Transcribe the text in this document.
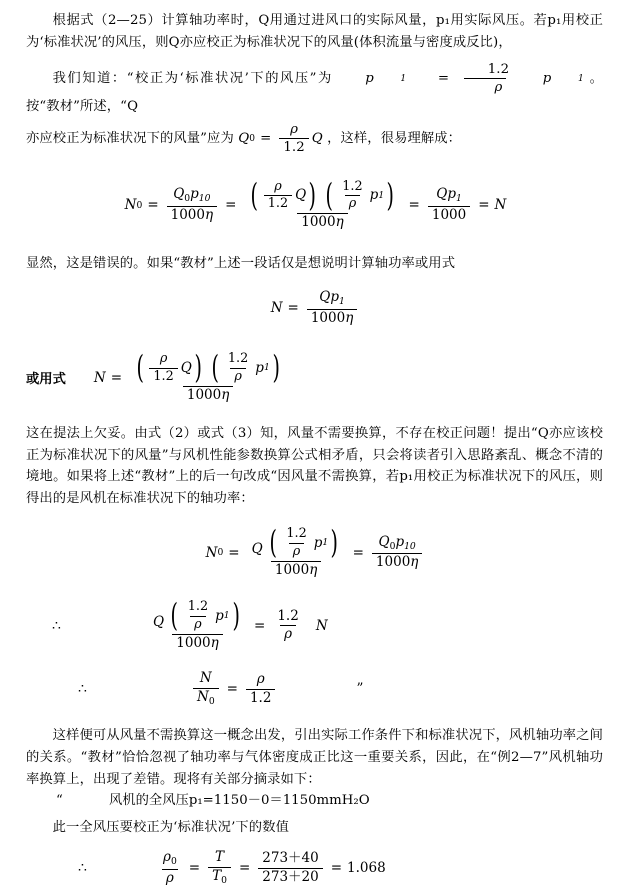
根据式（2—25）计算轴功率时，Q用通过进风口的实际风量，p₁用实际风压。若p₁用校正为‘标准状况’的风压，则Q亦应校正为标准状况下的风量(体积流量与密度成反比)，
我们知道：“校正为‘标准状况’下的风压”为	p	1	= $\frac{1.2}{\rho}$	p	1 。按“教材”所述，“Q
亦应校正为标准状况下的风量”应为 Q $0 = \frac{\rho}{1.2}$ Q ，这样，很易理解成：
N $0 = \frac{Q_0p_{10}}{1000\eta}$ = ( $\frac{\rho}{1.2}$ Q )
( $\frac{1.2}{\rho}$ p 1 )
1000η
= $\frac{Qp_1}{1000} = N$
显然，这是错误的。如果“教材”上述一段话仅是想说明计算轴功率或用式
$N = \frac{Qp_1}{1000\eta}$
或用式 N = ( $\frac{\rho}{1.2}$ Q )
( $\frac{1.2}{\rho}$ p 1 )
1000η
这在提法上欠妥。由式（2）或式（3）知，风量不需要换算，不存在校正问题！提出“Q亦应该校正为标准状况下的风量”与风机性能参数换算公式相矛盾，只会将读者引入思路紊乱、概念不清的境地。如果将上述“教材”上的后一句改成“因风量不需换算，若p₁用校正为标准状况下的风压，则得出的是风机在标准状况下的轴功率：
N $0 = \frac{Q ( \frac{1.2}{\rho} p 1 )}{1000\eta} = \frac{Q_0p_{10}}{1000\eta}$
∴	$\frac{Q ( \frac{1.2}{\rho} p 1 )}{1000\eta} = \frac{1.2}{\rho}$ N
∴	$\frac{N}{N_0} = \frac{\rho}{1.2}$	”
这样便可从风量不需换算这一概念出发，引出实际工作条件下和标准状况下，风机轴功率之间的关系。“教材”恰恰忽视了轴功率与气体密度成正比这一重要关系，因此，在“例2—7”风机轴功率换算上，出现了差错。现将有关部分摘录如下：
“	风机的全风压p₁=1150－0＝1150mmH₂O
此一全风压要校正为‘标准状况’下的数值
∴	$\frac{\rho_0}{\rho} = \frac{T}{T_0} = \frac{273+40}{273+20} = 1.068$
